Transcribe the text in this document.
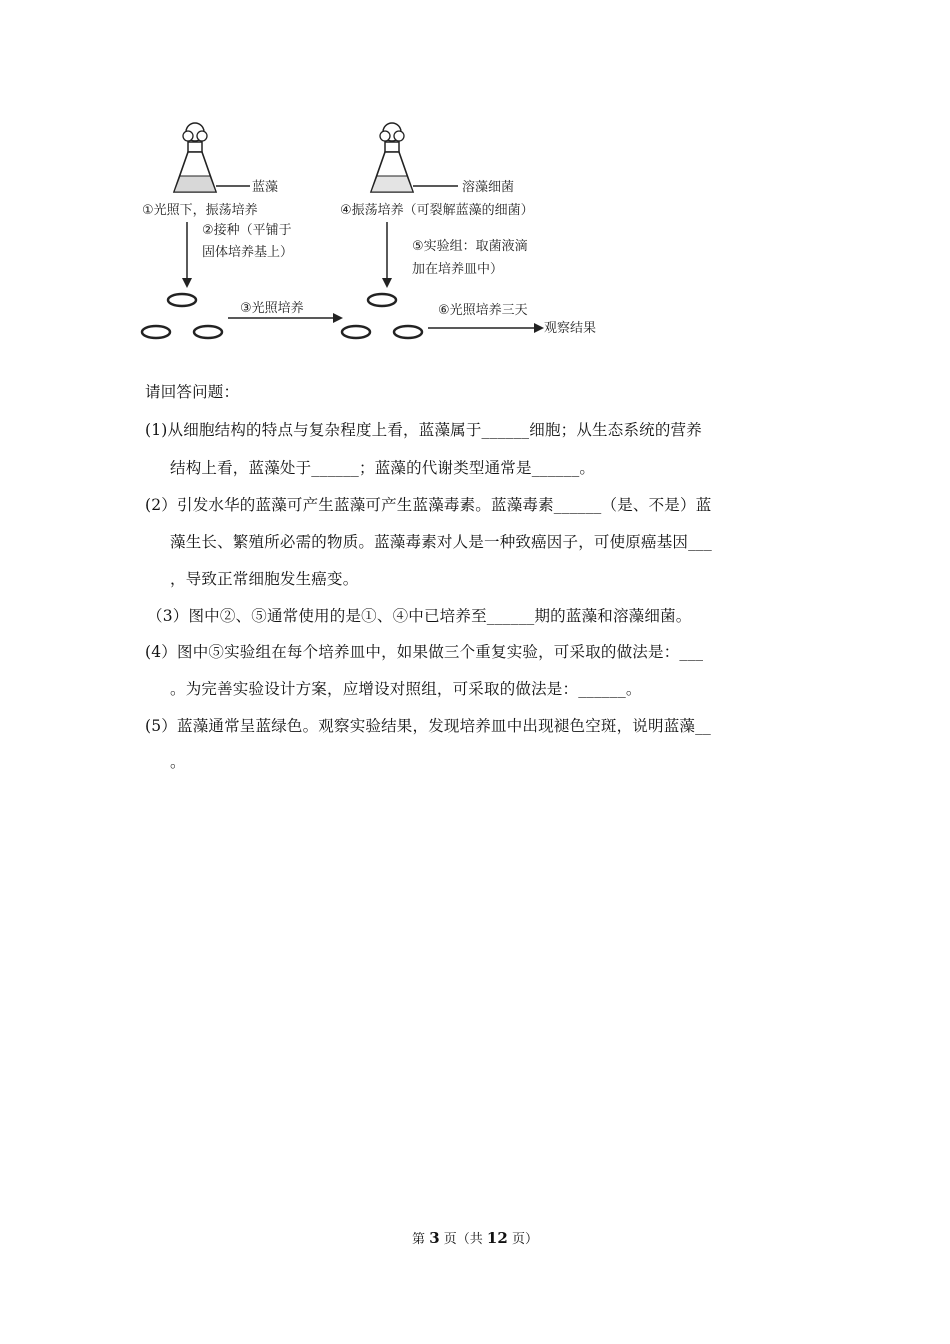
蓝藻
①光照下，振荡培养
②接种（平铺于
固体培养基上）
③光照培养
溶藻细菌
④振荡培养（可裂解蓝藻的细菌）
⑤实验组：取菌液滴
加在培养皿中）
⑥光照培养三天
观察结果
请回答问题：
(1)从细胞结构的特点与复杂程度上看，蓝藻属于______细胞；从生态系统的营养
结构上看，蓝藻处于______；蓝藻的代谢类型通常是______。
(2）引发水华的蓝藻可产生蓝藻可产生蓝藻毒素。蓝藻毒素______（是、不是）蓝
藻生长、繁殖所必需的物质。蓝藻毒素对人是一种致癌因子，可使原癌基因___
，导致正常细胞发生癌变。
（3）图中②、⑤通常使用的是①、④中已培养至______期的蓝藻和溶藻细菌。
(4）图中⑤实验组在每个培养皿中，如果做三个重复实验，可采取的做法是：___
。为完善实验设计方案，应增设对照组，可采取的做法是：______。
(5）蓝藻通常呈蓝绿色。观察实验结果，发现培养皿中出现褪色空斑，说明蓝藻__
。
第 3 页（共 12 页）
